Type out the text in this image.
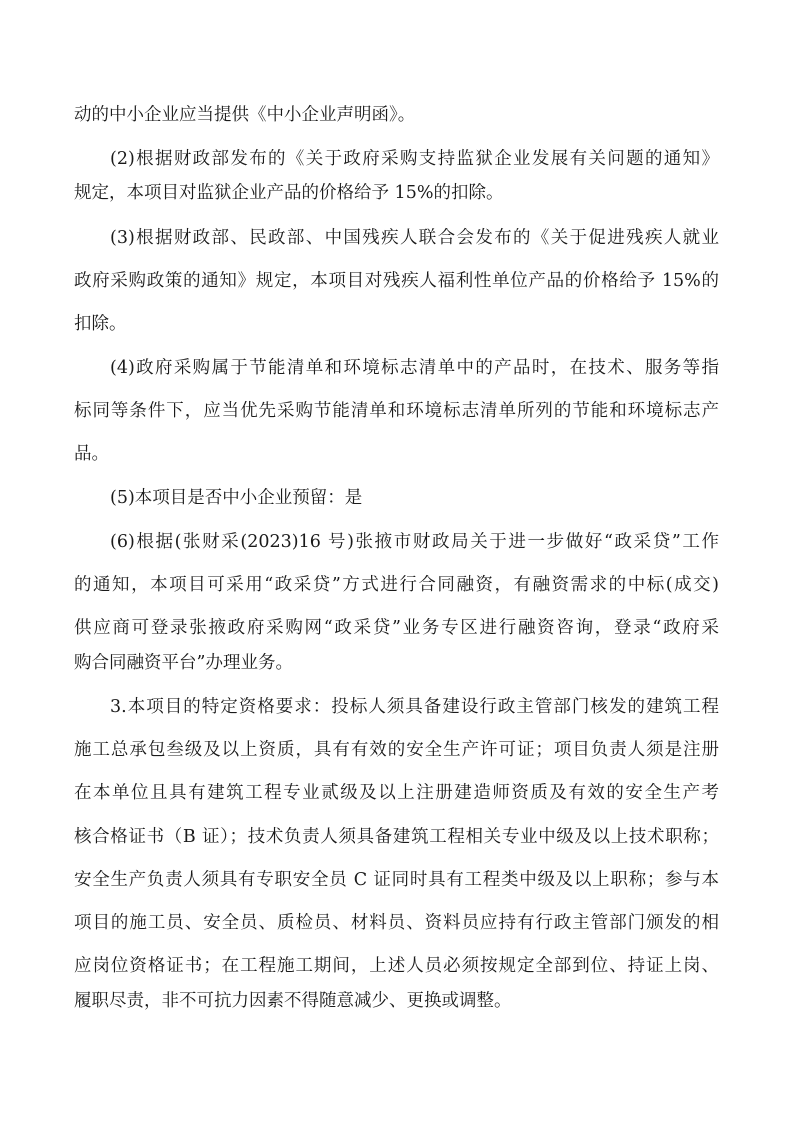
动的中小企业应当提供《中小企业声明函》。

(2)根据财政部发布的《关于政府采购支持监狱企业发展有关问题的通知》

规定，本项目对监狱企业产品的价格给予 15%的扣除。

(3)根据财政部、民政部、中国残疾人联合会发布的《关于促进残疾人就业

政府采购政策的通知》规定，本项目对残疾人福利性单位产品的价格给予 15%的

扣除。

(4)政府采购属于节能清单和环境标志清单中的产品时，在技术、服务等指

标同等条件下，应当优先采购节能清单和环境标志清单所列的节能和环境标志产

品。

(5)本项目是否中小企业预留：是

(6)根据(张财采(2023)16 号)张掖市财政局关于进一步做好“政采贷”工作

的通知，本项目可采用“政采贷”方式进行合同融资，有融资需求的中标(成交)

供应商可登录张掖政府采购网“政采贷”业务专区进行融资咨询，登录“政府采

购合同融资平台”办理业务。

3.本项目的特定资格要求：投标人须具备建设行政主管部门核发的建筑工程

施工总承包叁级及以上资质，具有有效的安全生产许可证；项目负责人须是注册

在本单位且具有建筑工程专业贰级及以上注册建造师资质及有效的安全生产考

核合格证书（B 证）；技术负责人须具备建筑工程相关专业中级及以上技术职称；

安全生产负责人须具有专职安全员 C 证同时具有工程类中级及以上职称；参与本

项目的施工员、安全员、质检员、材料员、资料员应持有行政主管部门颁发的相

应岗位资格证书；在工程施工期间，上述人员必须按规定全部到位、持证上岗、

履职尽责，非不可抗力因素不得随意减少、更换或调整。
